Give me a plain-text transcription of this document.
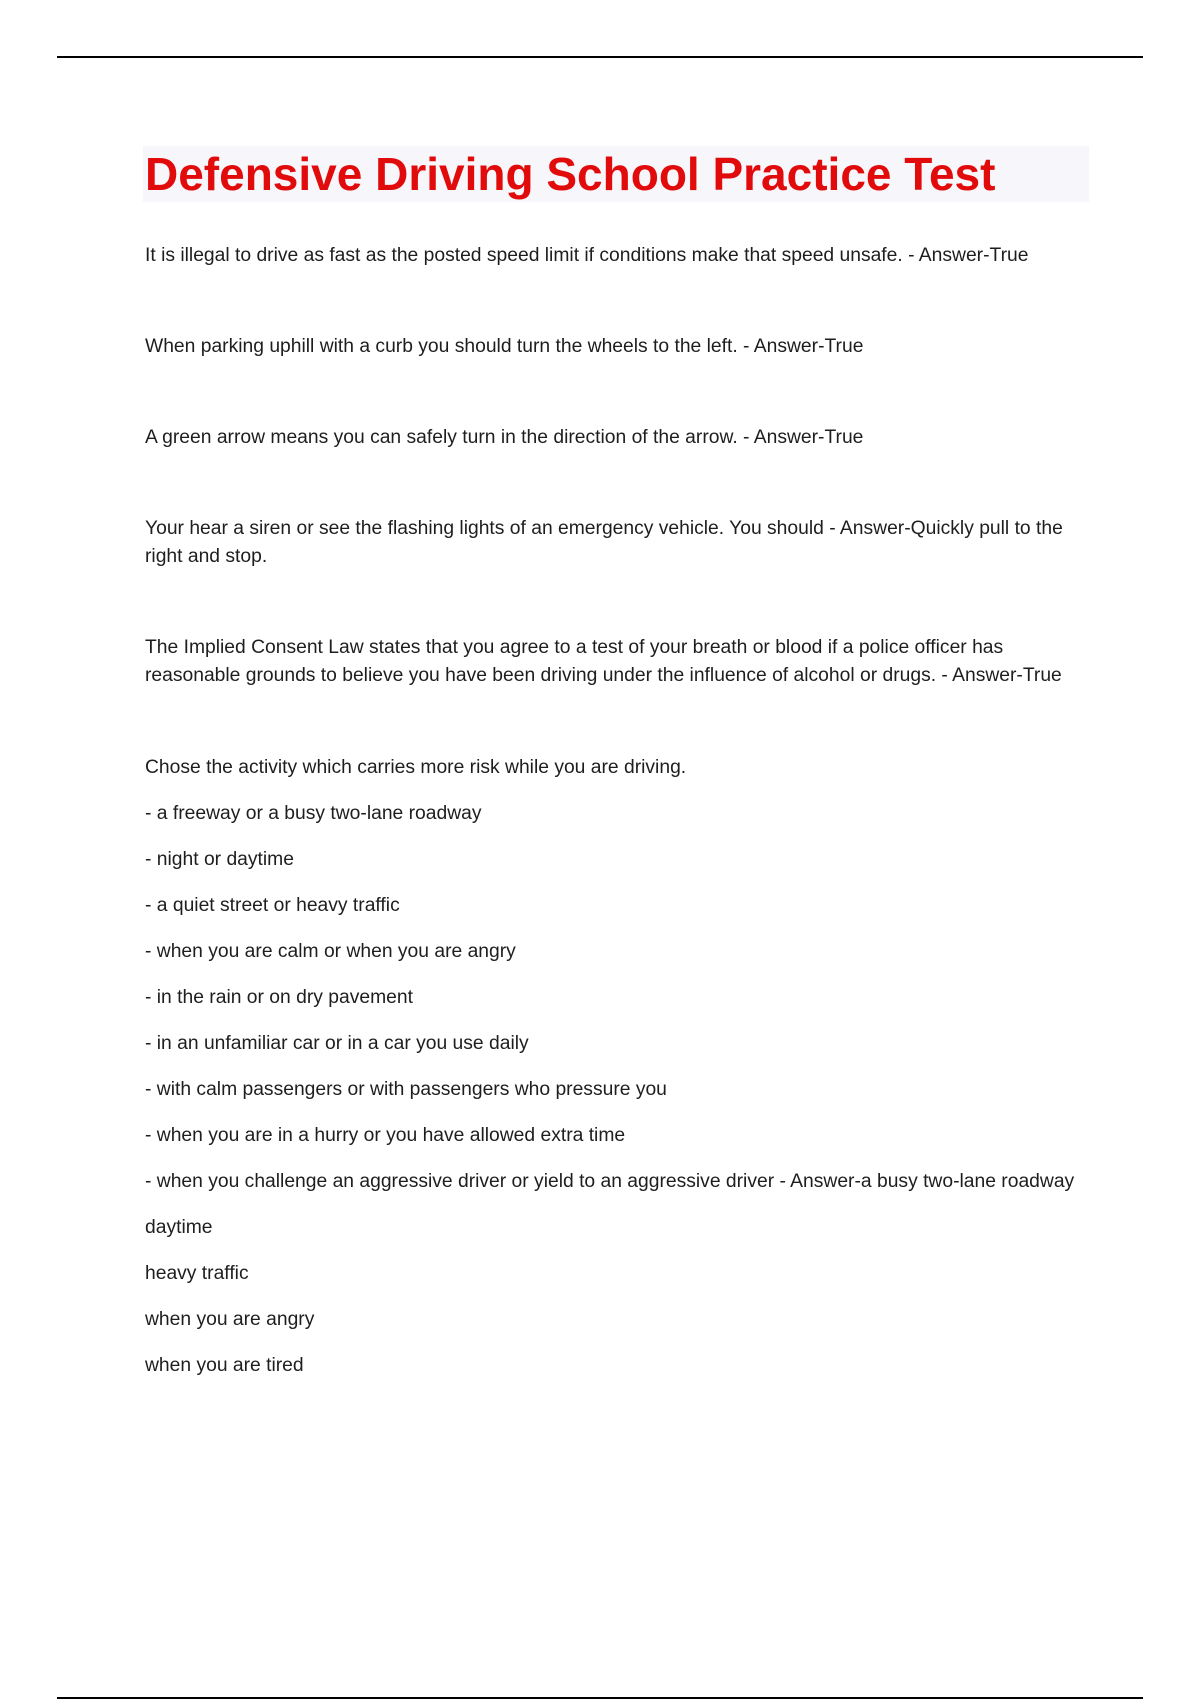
Defensive Driving School Practice Test

It is illegal to drive as fast as the posted speed limit if conditions make that speed unsafe. - Answer-True

When parking uphill with a curb you should turn the wheels to the left. - Answer-True

A green arrow means you can safely turn in the direction of the arrow. - Answer-True

Your hear a siren or see the flashing lights of an emergency vehicle. You should - Answer-Quickly pull to the right and stop.

The Implied Consent Law states that you agree to a test of your breath or blood if a police officer has reasonable grounds to believe you have been driving under the influence of alcohol or drugs. - Answer-True

Chose the activity which carries more risk while you are driving.

- a freeway or a busy two-lane roadway
- night or daytime
- a quiet street or heavy traffic
- when you are calm or when you are angry
- in the rain or on dry pavement
- in an unfamiliar car or in a car you use daily
- with calm passengers or with passengers who pressure you
- when you are in a hurry or you have allowed extra time
- when you challenge an aggressive driver or yield to an aggressive driver - Answer-a busy two-lane roadway
daytime
heavy traffic
when you are angry
when you are tired
